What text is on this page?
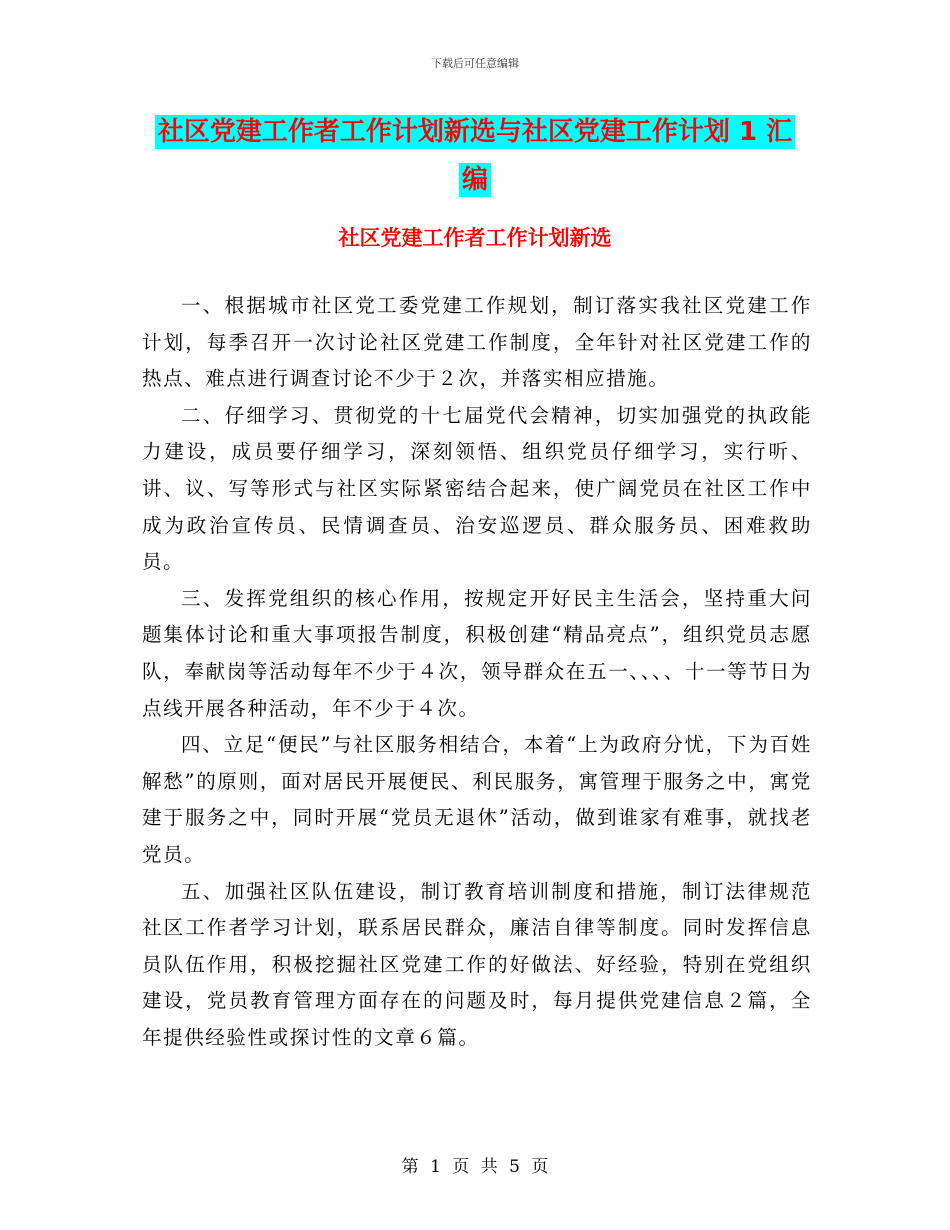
下载后可任意编辑
社区党建工作者工作计划新选与社区党建工作计划 1 汇编
社区党建工作者工作计划新选

一、根据城市社区党工委党建工作规划，制订落实我社区党建工作计划，每季召开一次讨论社区党建工作制度，全年针对社区党建工作的热点、难点进行调查讨论不少于２次，并落实相应措施。

二、仔细学习、贯彻党的十七届党代会精神，切实加强党的执政能力建设，成员要仔细学习，深刻领悟、组织党员仔细学习，实行听、讲、议、写等形式与社区实际紧密结合起来，使广阔党员在社区工作中成为政治宣传员、民情调查员、治安巡逻员、群众服务员、困难救助员。

三、发挥党组织的核心作用，按规定开好民主生活会，坚持重大问题集体讨论和重大事项报告制度，积极创建“精品亮点”，组织党员志愿队，奉献岗等活动每年不少于４次，领导群众在五一、、、、十一等节日为点线开展各种活动，年不少于４次。

四、立足“便民”与社区服务相结合，本着“上为政府分忧，下为百姓解愁”的原则，面对居民开展便民、利民服务，寓管理于服务之中，寓党建于服务之中，同时开展“党员无退休”活动，做到谁家有难事，就找老党员。

五、加强社区队伍建设，制订教育培训制度和措施，制订法律规范社区工作者学习计划，联系居民群众，廉洁自律等制度。同时发挥信息员队伍作用，积极挖掘社区党建工作的好做法、好经验，特别在党组织建设，党员教育管理方面存在的问题及时，每月提供党建信息２篇，全年提供经验性或探讨性的文章６篇。

第 1 页 共 5 页
